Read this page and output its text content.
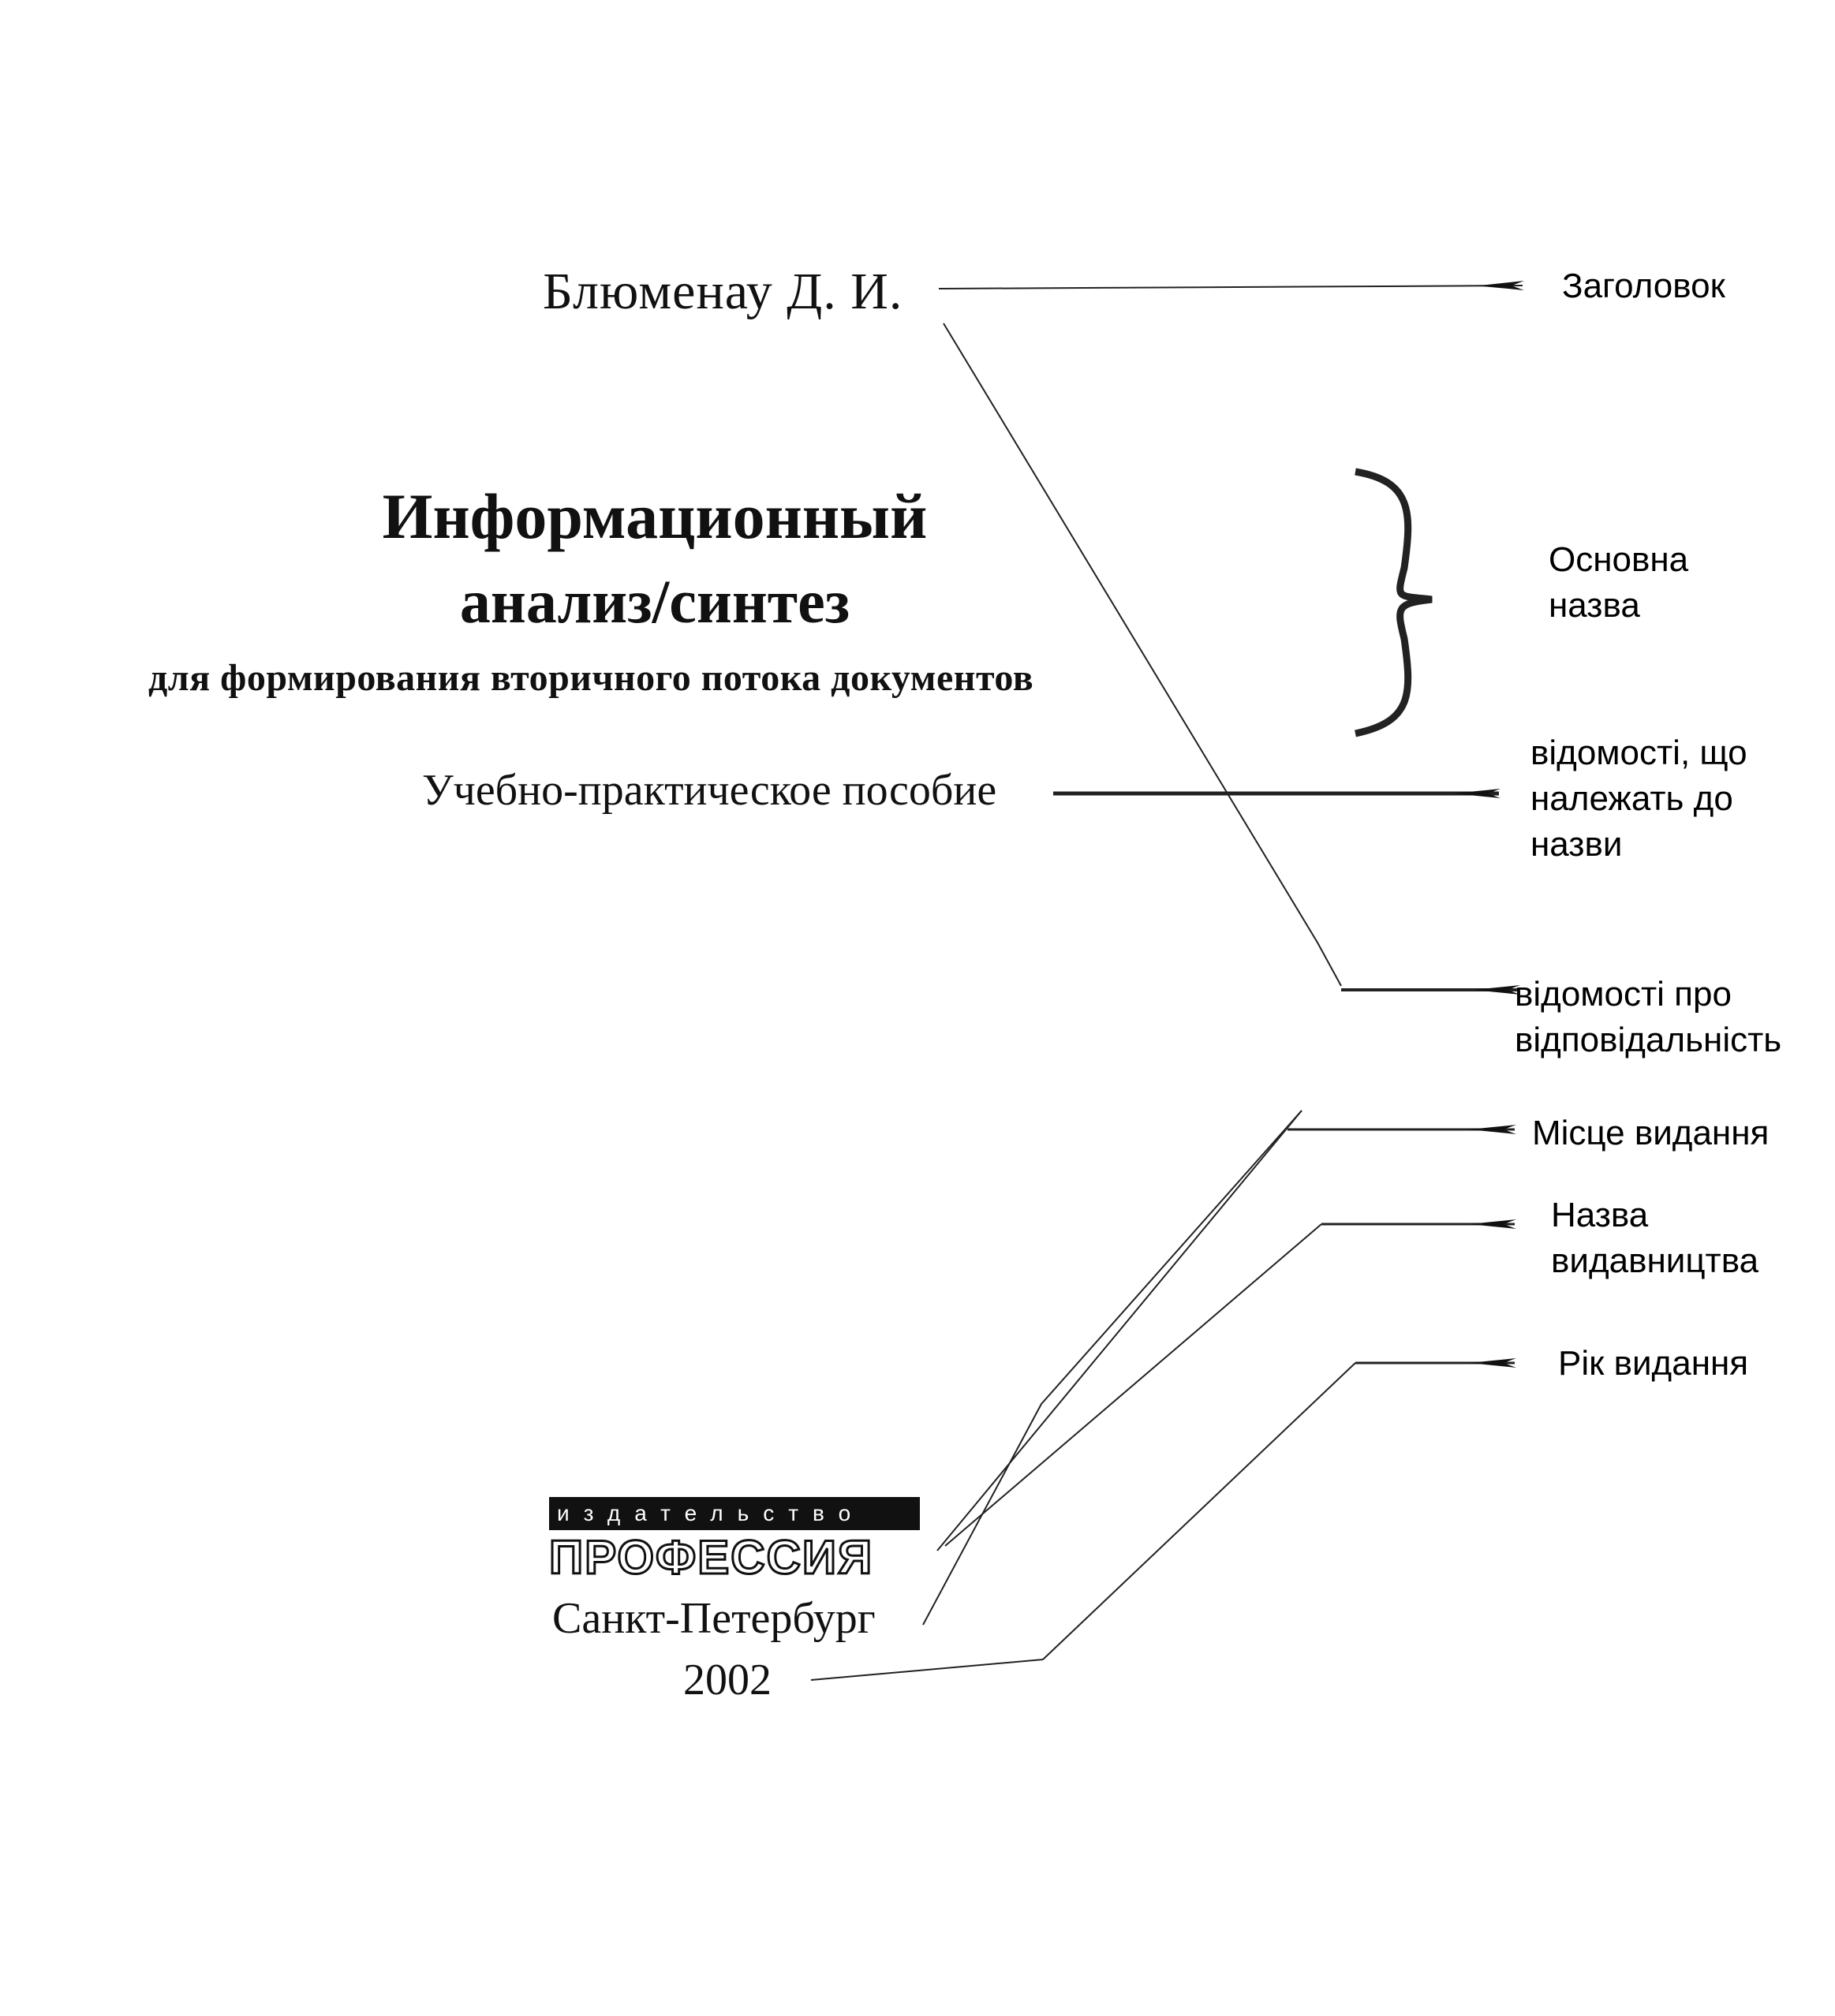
Блюменау Д. И.
Информационный
анализ/синтез
для формирования вторичного потока документов
Учебно-практическое пособие
издательство
ПРОФЕССИЯ
Санкт-Петербург
2002
Заголовок
Основна
назва
відомості, що
належать до
назви
відомості про
відповідальність
Місце видання
Назва
видавництва
Рік видання
